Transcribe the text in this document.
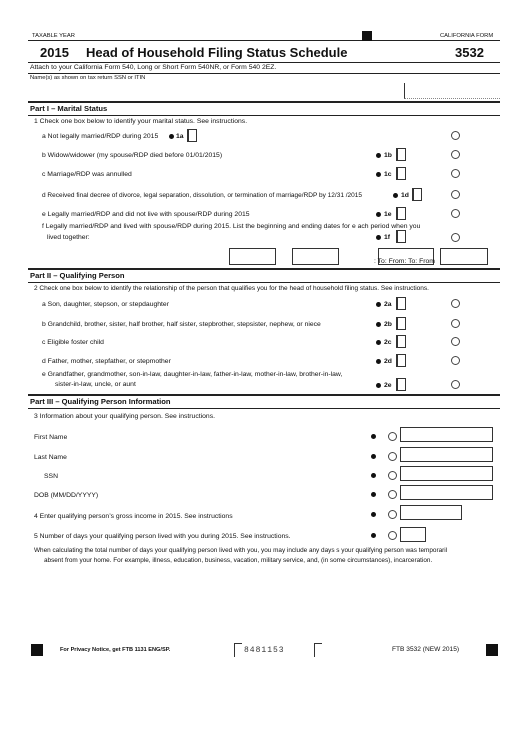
TAXABLE YEAR	CALIFORNIA FORM
2015 Head of Household Filing Status Schedule	3532
Attach to your California Form 540, Long or Short Form 540NR, or Form 540 2EZ.
Name(s) as shown on tax return SSN or ITIN
Part I – Marital Status
1 Check one box below to identify your marital status. See instructions.
a Not legally married/RDP during 2015	1a
b Widow/widower (my spouse/RDP died before 01/01/2015)	1b
c Marriage/RDP was annulled	1c
d Received final decree of divorce, legal separation, dissolution, or termination of marriage/RDP by 12/31 /2015	1d
e Legally married/RDP and did not live with spouse/RDP during 2015	1e
f Legally married/RDP and lived with spouse/RDP during 2015. List the beginning and ending dates for e ach period when you
lived together:	1f
: To: From: To: From
Part II – Qualifying Person
2 Check one box below to identify the relationship of the person that qualifies you for the head of household filing status. See instructions.
a Son, daughter, stepson, or stepdaughter	2a
b Grandchild, brother, sister, half brother, half sister, stepbrother, stepsister, nephew, or niece	2b
c Eligible foster child	2c
d Father, mother, stepfather, or stepmother	2d
e Grandfather, grandmother, son-in-law, daughter-in-law, father-in-law, mother-in-law, brother-in-law,
sister-in-law, uncle, or aunt	2e
Part III – Qualifying Person Information
3 Information about your qualifying person. See instructions.
First Name
Last Name
SSN
DOB (MM/DD/YYYY)
4 Enter qualifying person’s gross income in 2015. See instructions
5 Number of days your qualifying person lived with you during 2015. See instructions.
When calculating the total number of days your qualifying person lived with you, you may include any days s your qualifying person was temporaril
absent from your home. For example, illness, education, business, vacation, military service, and, (in some circumstances), incarceration.
For Privacy Notice, get FTB 1131 ENG/SP.	8481153	FTB 3532 (NEW 2015)
